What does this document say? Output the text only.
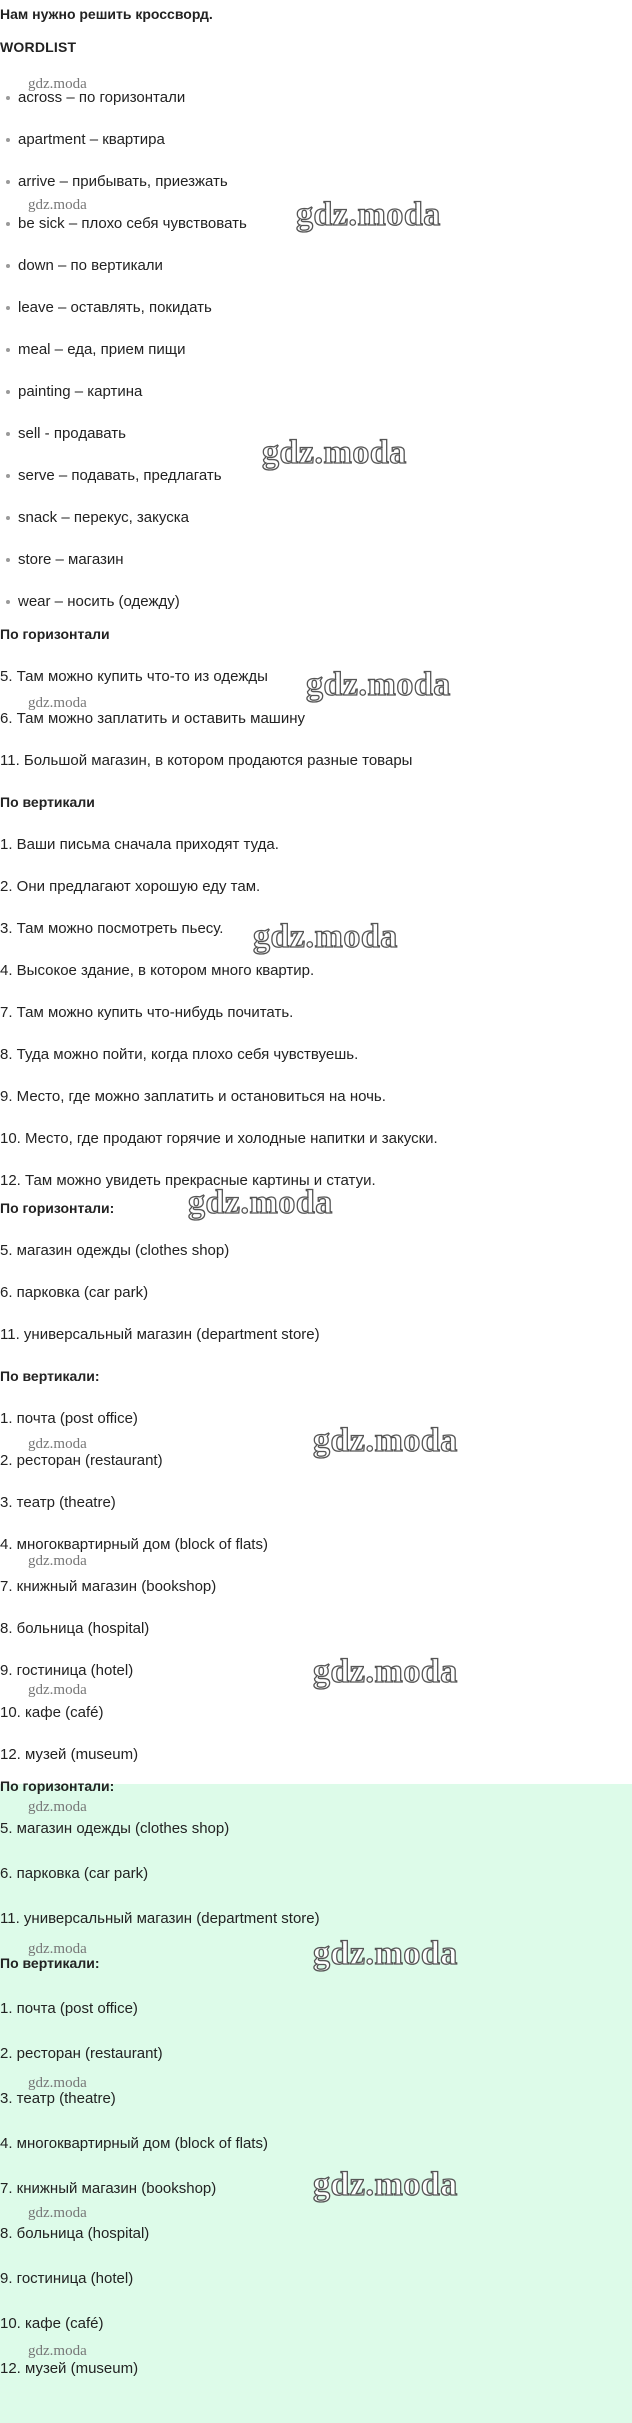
Нам нужно решить кроссворд.
WORDLIST
across – по горизонтали
apartment – квартира
arrive – прибывать, приезжать
be sick – плохо себя чувствовать
down – по вертикали
leave – оставлять, покидать
meal – еда, прием пищи
painting – картина
sell - продавать
serve – подавать, предлагать
snack – перекус, закуска
store – магазин
wear – носить (одежду)
По горизонтали
5. Там можно купить что-то из одежды
6. Там можно заплатить и оставить машину
11. Большой магазин, в котором продаются разные товары
По вертикали
1. Ваши письма сначала приходят туда.
2. Они предлагают хорошую еду там.
3. Там можно посмотреть пьесу.
4. Высокое здание, в котором много квартир.
7. Там можно купить что-нибудь почитать.
8. Туда можно пойти, когда плохо себя чувствуешь.
9. Место, где можно заплатить и остановиться на ночь.
10. Место, где продают горячие и холодные напитки и закуски.
12. Там можно увидеть прекрасные картины и статуи.
По горизонтали:
5. магазин одежды (clothes shop)
6. парковка (car park)
11. универсальный магазин (department store)
По вертикали:
1. почта (post office)
2. ресторан (restaurant)
3. театр (theatre)
4. многоквартирный дом (block of flats)
7. книжный магазин (bookshop)
8. больница (hospital)
9. гостиница (hotel)
10. кафе (café)
12. музей (museum)
По горизонтали:
5. магазин одежды (clothes shop)
6. парковка (car park)
11. универсальный магазин (department store)
По вертикали:
1. почта (post office)
2. ресторан (restaurant)
3. театр (theatre)
4. многоквартирный дом (block of flats)
7. книжный магазин (bookshop)
8. больница (hospital)
9. гостиница (hotel)
10. кафе (café)
12. музей (museum)
gdz.moda
gdz.moda	gdz.moda
gdz.moda
gdz.moda
gdz.moda
gdz.moda
gdz.moda
gdz.moda
gdz.moda
gdz.moda
gdz.moda
gdz.moda
gdz.moda
gdz.moda	gdz.moda
gdz.moda
gdz.moda
gdz.moda
gdz.moda
